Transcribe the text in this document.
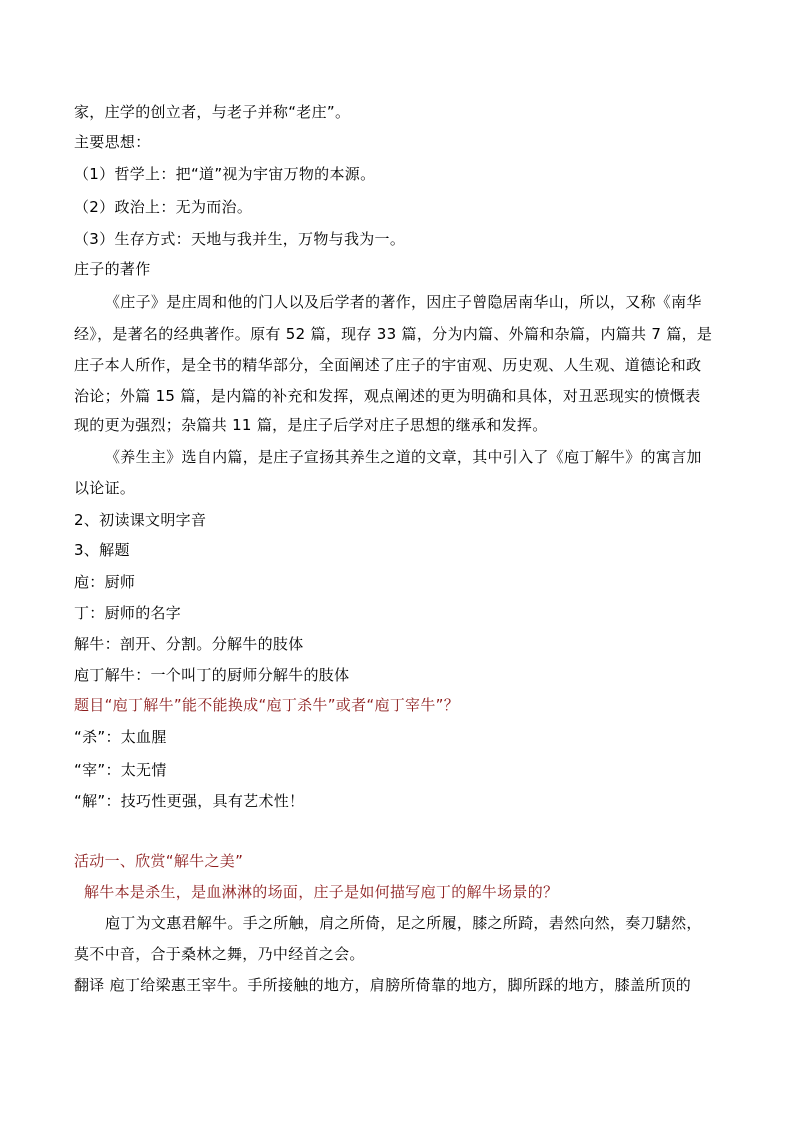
家，庄学的创立者，与老子并称“老庄”。
主要思想：
（1）哲学上：把“道”视为宇宙万物的本源。
（2）政治上：无为而治。
（3）生存方式：天地与我并生，万物与我为一。
庄子的著作
《庄子》是庄周和他的门人以及后学者的著作，因庄子曾隐居南华山，所以，又称《南华
经》，是著名的经典著作。原有 52 篇，现存 33 篇，分为内篇、外篇和杂篇，内篇共 7 篇，是
庄子本人所作，是全书的精华部分，全面阐述了庄子的宇宙观、历史观、人生观、道德论和政
治论；外篇 15 篇，是内篇的补充和发挥，观点阐述的更为明确和具体，对丑恶现实的愤慨表
现的更为强烈；杂篇共 11 篇，是庄子后学对庄子思想的继承和发挥。
《养生主》选自内篇，是庄子宣扬其养生之道的文章，其中引入了《庖丁解牛》的寓言加
以论证。
2、初读课文明字音
3、解题
庖：厨师
丁：厨师的名字
解牛：剖开、分割。分解牛的肢体
庖丁解牛：一个叫丁的厨师分解牛的肢体
题目“庖丁解牛”能不能换成“庖丁杀牛”或者“庖丁宰牛”？
“杀”：太血腥
“宰”：太无情
“解”：技巧性更强，具有艺术性！
活动一、欣赏“解牛之美”
解牛本是杀生，是血淋淋的场面，庄子是如何描写庖丁的解牛场景的？
庖丁为文惠君解牛。手之所触，肩之所倚，足之所履，膝之所踦，砉然向然，奏刀騞然，
莫不中音，合于桑林之舞，乃中经首之会。
翻译 庖丁给梁惠王宰牛。手所接触的地方，肩膀所倚靠的地方，脚所踩的地方，膝盖所顶的
